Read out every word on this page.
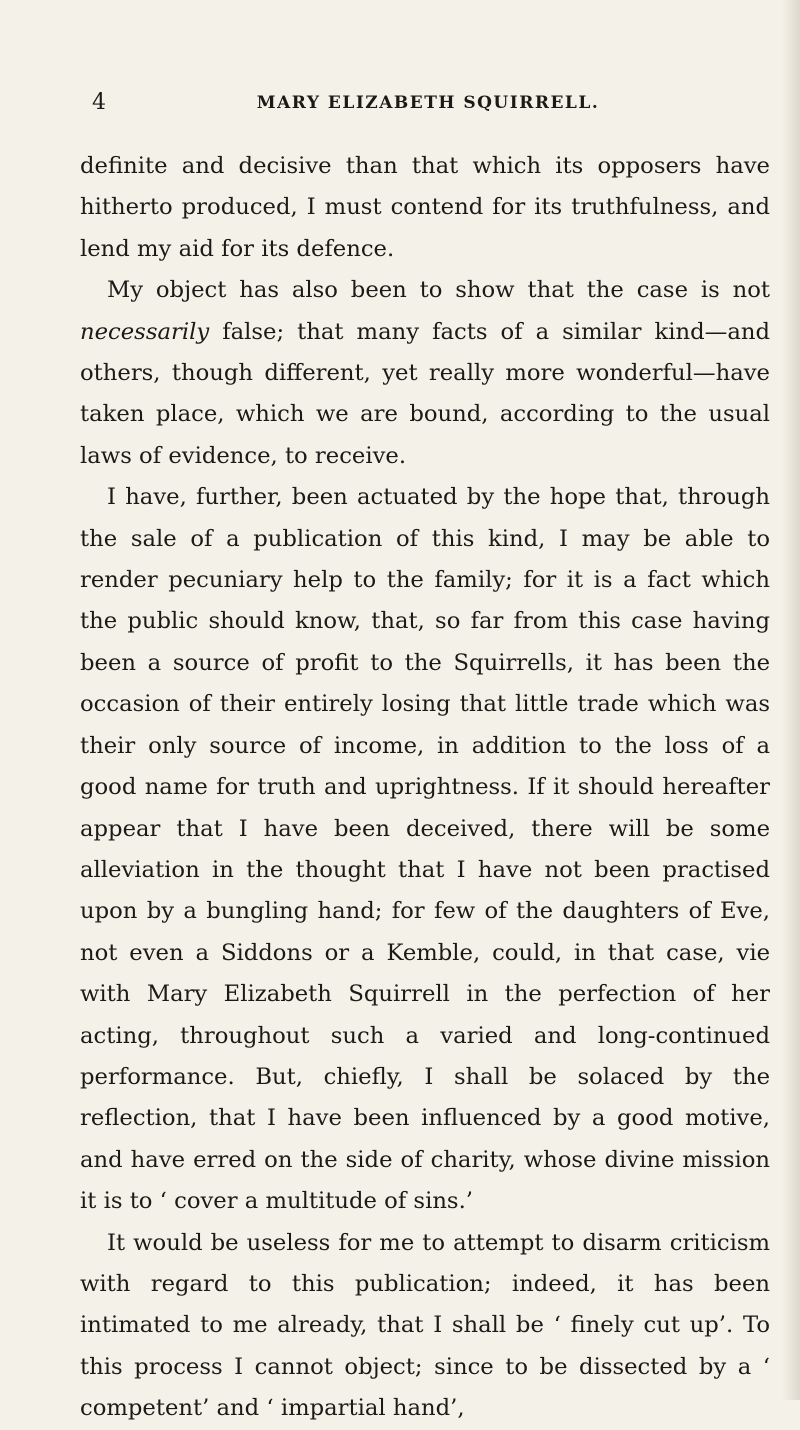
4	MARY ELIZABETH SQUIRRELL.

definite and decisive than that which its opposers have hitherto produced, I must contend for its truthfulness, and lend my aid for its defence.

My object has also been to show that the case is not necessarily false; that many facts of a similar kind—and others, though different, yet really more wonderful—have taken place, which we are bound, according to the usual laws of evidence, to receive.

I have, further, been actuated by the hope that, through the sale of a publication of this kind, I may be able to render pecuniary help to the family; for it is a fact which the public should know, that, so far from this case having been a source of profit to the Squirrells, it has been the occasion of their entirely losing that little trade which was their only source of income, in addition to the loss of a good name for truth and uprightness. If it should hereafter appear that I have been deceived, there will be some alleviation in the thought that I have not been practised upon by a bungling hand; for few of the daughters of Eve, not even a Siddons or a Kemble, could, in that case, vie with Mary Elizabeth Squirrell in the perfection of her acting, throughout such a varied and long-continued performance. But, chiefly, I shall be solaced by the reflection, that I have been influenced by a good motive, and have erred on the side of charity, whose divine mission it is to ‘ cover a multitude of sins.’

It would be useless for me to attempt to disarm criticism with regard to this publication; indeed, it has been intimated to me already, that I shall be ‘ finely cut up’. To this process I cannot object; since to be dissected by a ‘ competent’ and ‘ impartial hand’,
